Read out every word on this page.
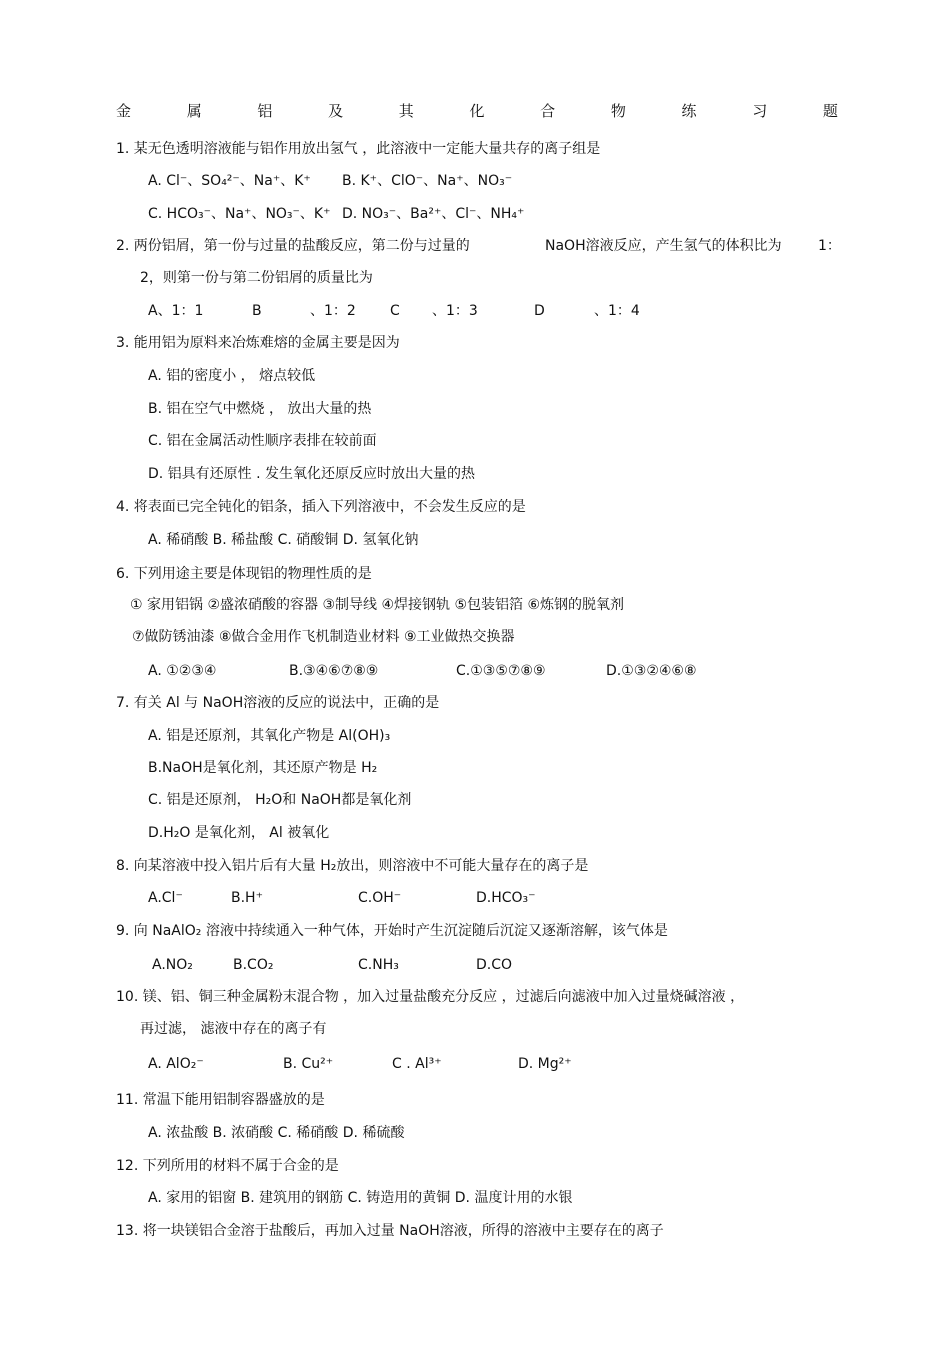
金	属	铝	及	其	化	合	物	练	习	题
1. 某无色透明溶液能与铝作用放出氢气 ，此溶液中一定能大量共存的离子组是
A. Cl⁻、SO₄²⁻、Na⁺、K⁺ B. K⁺、ClO⁻、Na⁺、NO₃⁻
C. HCO₃⁻、Na⁺、NO₃⁻、K⁺ D. NO₃⁻、Ba²⁺、Cl⁻、NH₄⁺
2. 两份铝屑，第一份与过量的盐酸反应，第二份与过量的	NaOH溶液反应，产生氢气的体积比为	1：
2，则第一份与第二份铝屑的质量比为
A、1：1	B	、1：2 C 、1：3	D	、1：4
3. 能用铝为原料来冶炼难熔的金属主要是因为
A. 铝的密度小 ， 熔点较低
B. 铝在空气中燃烧 ， 放出大量的热
C. 铝在金属活动性顺序表排在较前面
D. 铝具有还原性 . 发生氧化还原反应时放出大量的热
4. 将表面已完全钝化的铝条，插入下列溶液中，不会发生反应的是
A. 稀硝酸 B. 稀盐酸 C. 硝酸铜 D. 氢氧化钠
6. 下列用途主要是体现铝的物理性质的是
① 家用铝锅 ②盛浓硝酸的容器 ③制导线 ④焊接钢轨 ⑤包装铝箔 ⑥炼钢的脱氧剂
⑦做防锈油漆 ⑧做合金用作飞机制造业材料 ⑨工业做热交换器
A. ①②③④	B.③④⑥⑦⑧⑨	C.①③⑤⑦⑧⑨	D.①③②④⑥⑧
7. 有关 Al 与 NaOH溶液的反应的说法中，正确的是
A. 铝是还原剂，其氧化产物是 Al(OH)₃
B.NaOH是氧化剂，其还原产物是 H₂
C. 铝是还原剂， H₂O和 NaOH都是氧化剂
D.H₂O 是氧化剂， Al 被氧化
8. 向某溶液中投入铝片后有大量 H₂放出，则溶液中不可能大量存在的离子是
A.Cl⁻	B.H⁺	C.OH⁻	D.HCO₃⁻
9. 向 NaAlO₂ 溶液中持续通入一种气体，开始时产生沉淀随后沉淀又逐渐溶解，该气体是
A.NO₂	B.CO₂	C.NH₃	D.CO
10. 镁、铝、铜三种金属粉末混合物 ，加入过量盐酸充分反应 ，过滤后向滤液中加入过量烧碱溶液 ，
再过滤， 滤液中存在的离子有
A. AlO₂⁻	B. Cu²⁺	C . Al³⁺	D. Mg²⁺
11. 常温下能用铝制容器盛放的是
A. 浓盐酸 B. 浓硝酸 C. 稀硝酸 D. 稀硫酸
12. 下列所用的材料不属于合金的是
A. 家用的铝窗 B. 建筑用的钢筋 C. 铸造用的黄铜 D. 温度计用的水银
13. 将一块镁铝合金溶于盐酸后，再加入过量 NaOH溶液，所得的溶液中主要存在的离子
